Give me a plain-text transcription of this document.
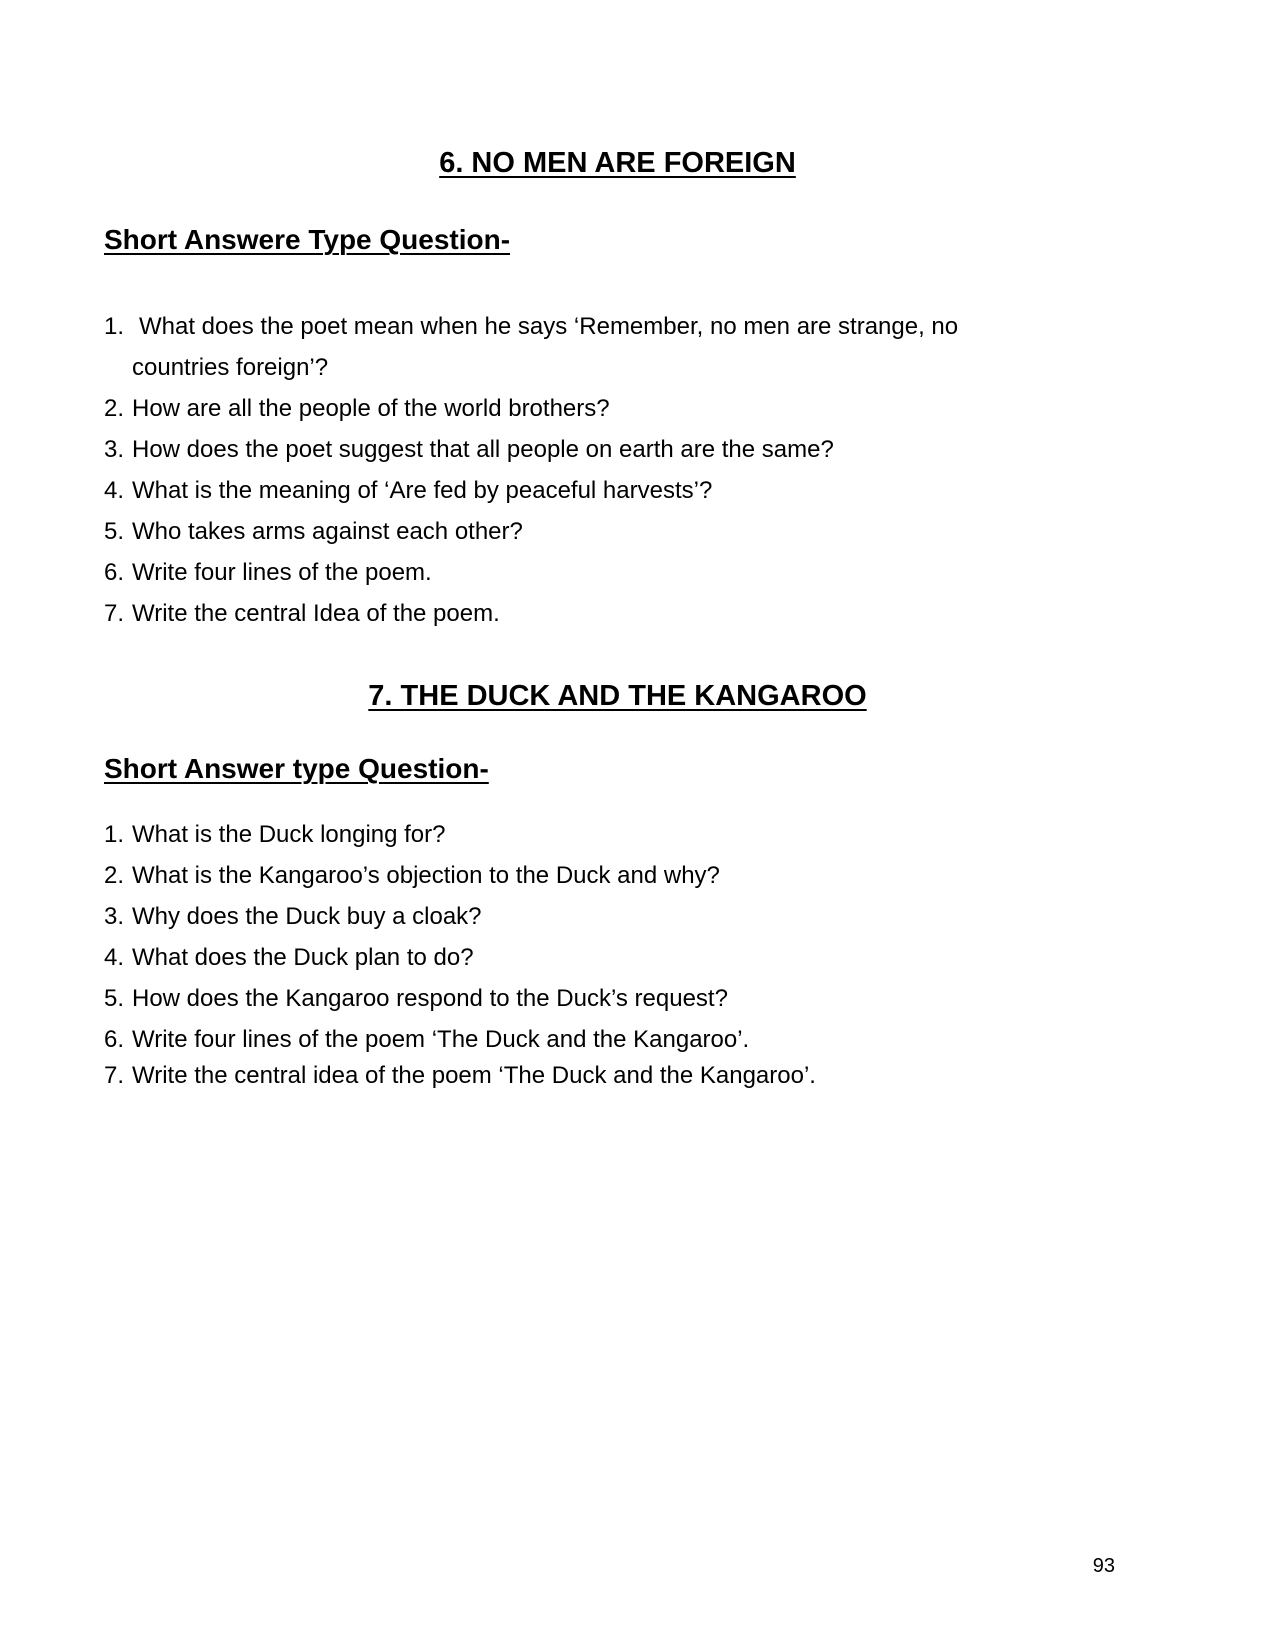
6. NO MEN ARE FOREIGN
Short Answere Type Question-
1. What does the poet mean when he says ‘Remember, no men are strange, no
countries foreign’?
2. How are all the people of the world brothers?
3. How does the poet suggest that all people on earth are the same?
4. What is the meaning of ‘Are fed by peaceful harvests’?
5. Who takes arms against each other?
6. Write four lines of the poem.
7. Write the central Idea of the poem.
7. THE DUCK AND THE KANGAROO
Short Answer type Question-
1. What is the Duck longing for?
2. What is the Kangaroo’s objection to the Duck and why?
3. Why does the Duck buy a cloak?
4. What does the Duck plan to do?
5. How does the Kangaroo respond to the Duck’s request?
6. Write four lines of the poem ‘The Duck and the Kangaroo’.
7. Write the central idea of the poem ‘The Duck and the Kangaroo’.
93
